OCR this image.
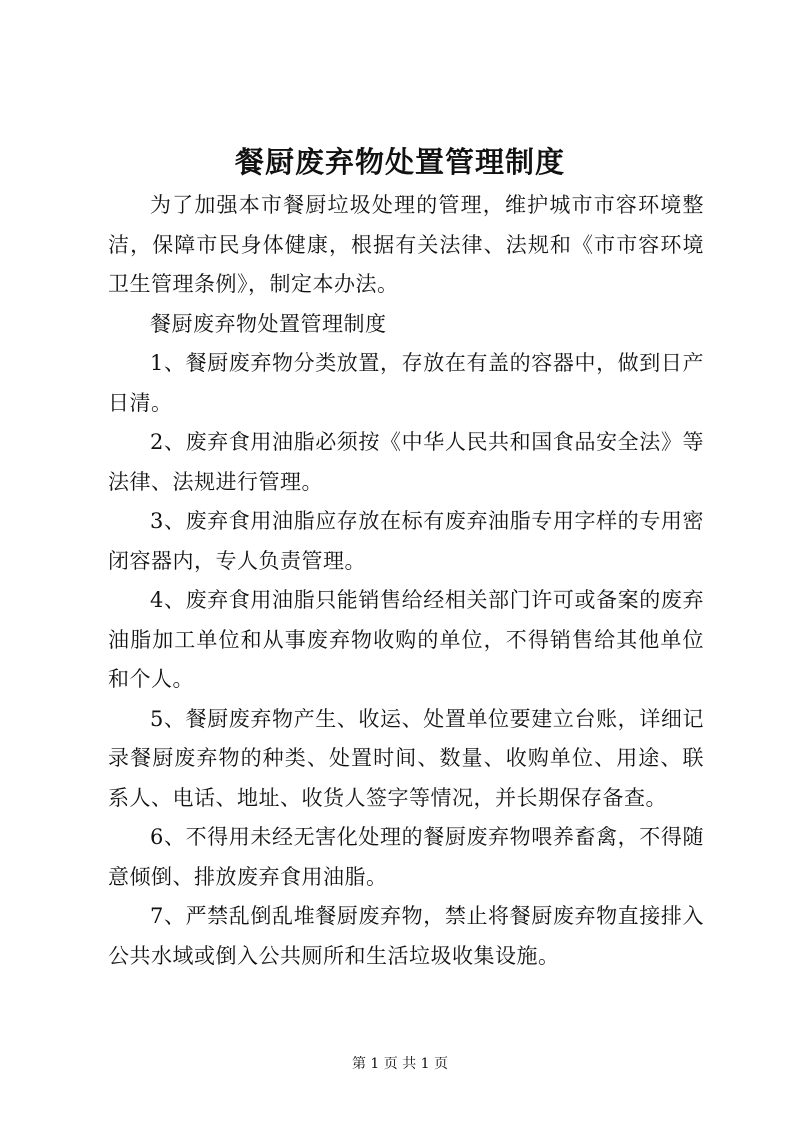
餐厨废弃物处置管理制度

为了加强本市餐厨垃圾处理的管理，维护城市市容环境整洁，保障市民身体健康，根据有关法律、法规和《市市容环境卫生管理条例》，制定本办法。

餐厨废弃物处置管理制度

1、餐厨废弃物分类放置，存放在有盖的容器中，做到日产日清。

2、废弃食用油脂必须按《中华人民共和国食品安全法》等法律、法规进行管理。

3、废弃食用油脂应存放在标有废弃油脂专用字样的专用密闭容器内，专人负责管理。

4、废弃食用油脂只能销售给经相关部门许可或备案的废弃油脂加工单位和从事废弃物收购的单位，不得销售给其他单位和个人。

5、餐厨废弃物产生、收运、处置单位要建立台账，详细记录餐厨废弃物的种类、处置时间、数量、收购单位、用途、联系人、电话、地址、收货人签字等情况，并长期保存备查。

6、不得用未经无害化处理的餐厨废弃物喂养畜禽，不得随意倾倒、排放废弃食用油脂。

7、严禁乱倒乱堆餐厨废弃物，禁止将餐厨废弃物直接排入公共水域或倒入公共厕所和生活垃圾收集设施。

第 1 页 共 1 页
